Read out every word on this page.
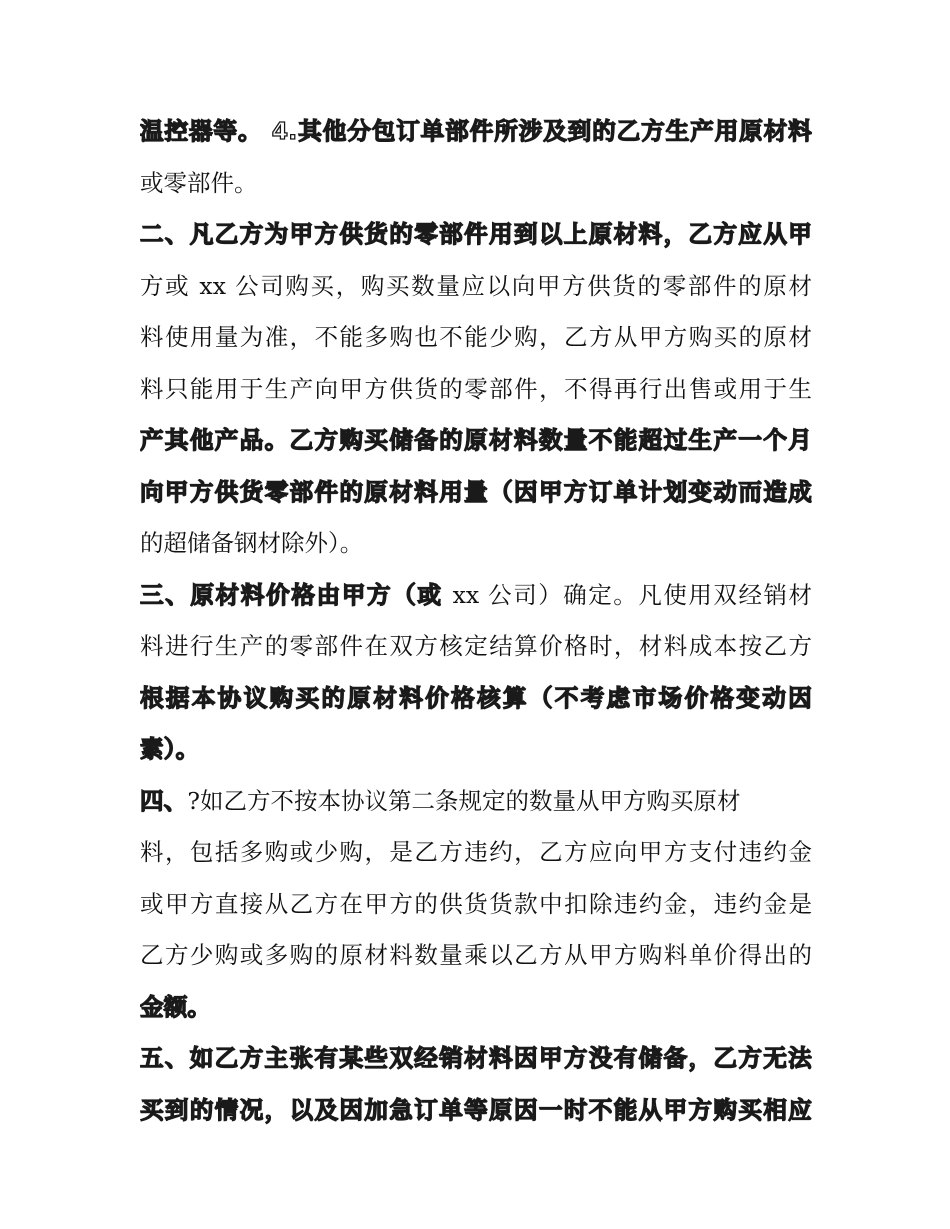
温控器等。 4.其他分包订单部件所涉及到的乙方生产用原材料
或零部件。
二、凡乙方为甲方供货的零部件用到以上原材料，乙方应从甲
方或 xx 公司购买，购买数量应以向甲方供货的零部件的原材
料使用量为准，不能多购也不能少购，乙方从甲方购买的原材
料只能用于生产向甲方供货的零部件，不得再行出售或用于生
产其他产品。乙方购买储备的原材料数量不能超过生产一个月
向甲方供货零部件的原材料用量（因甲方订单计划变动而造成
的超储备钢材除外）。
三、原材料价格由甲方（或 xx 公司）确定。凡使用双经销材
料进行生产的零部件在双方核定结算价格时，材料成本按乙方
根据本协议购买的原材料价格核算（不考虑市场价格变动因
素）。
四、?如乙方不按本协议第二条规定的数量从甲方购买原材
料，包括多购或少购，是乙方违约，乙方应向甲方支付违约金
或甲方直接从乙方在甲方的供货货款中扣除违约金，违约金是
乙方少购或多购的原材料数量乘以乙方从甲方购料单价得出的
金额。
五、如乙方主张有某些双经销材料因甲方没有储备，乙方无法
买到的情况，以及因加急订单等原因一时不能从甲方购买相应
